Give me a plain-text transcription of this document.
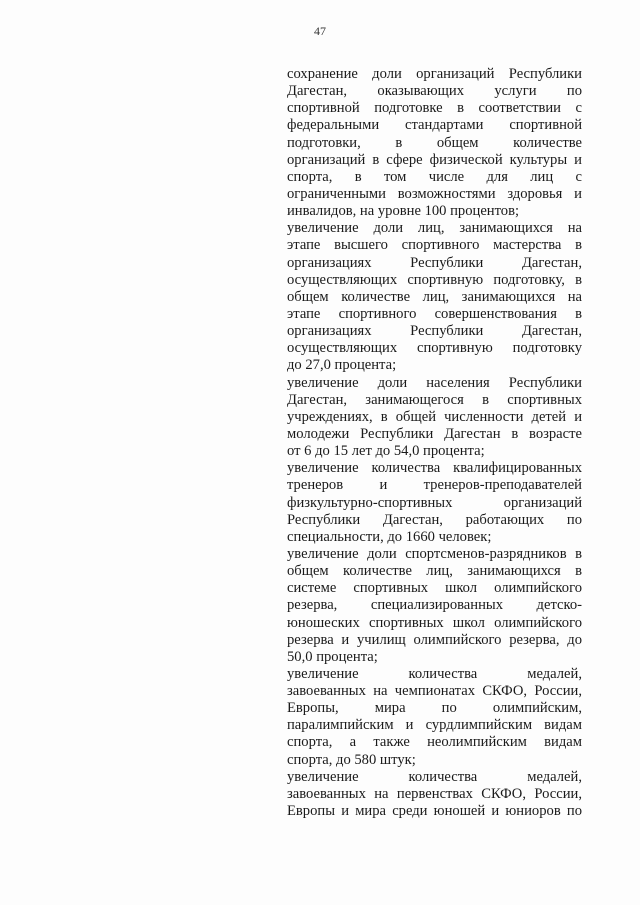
47
сохранение доли организаций Республики
Дагестан, оказывающих услуги по
спортивной подготовке в соответствии с
федеральными стандартами спортивной
подготовки, в общем количестве
организаций в сфере физической культуры и
спорта, в том числе для лиц с
ограниченными возможностями здоровья и
инвалидов, на уровне 100 процентов;
увеличение доли лиц, занимающихся на
этапе высшего спортивного мастерства в
организациях Республики Дагестан,
осуществляющих спортивную подготовку, в
общем количестве лиц, занимающихся на
этапе спортивного совершенствования в
организациях Республики Дагестан,
осуществляющих спортивную подготовку
до 27,0 процента;
увеличение доли населения Республики
Дагестан, занимающегося в спортивных
учреждениях, в общей численности детей и
молодежи Республики Дагестан в возрасте
от 6 до 15 лет до 54,0 процента;
увеличение количества квалифицированных
тренеров и тренеров-преподавателей
физкультурно-спортивных организаций
Республики Дагестан, работающих по
специальности, до 1660 человек;
увеличение доли спортсменов-разрядников в
общем количестве лиц, занимающихся в
системе спортивных школ олимпийского
резерва, специализированных детско-
юношеских спортивных школ олимпийского
резерва и училищ олимпийского резерва, до
50,0 процента;
увеличение количества медалей,
завоеванных на чемпионатах СКФО, России,
Европы, мира по олимпийским,
паралимпийским и сурдлимпийским видам
спорта, а также неолимпийским видам
спорта, до 580 штук;
увеличение количества медалей,
завоеванных на первенствах СКФО, России,
Европы и мира среди юношей и юниоров по
